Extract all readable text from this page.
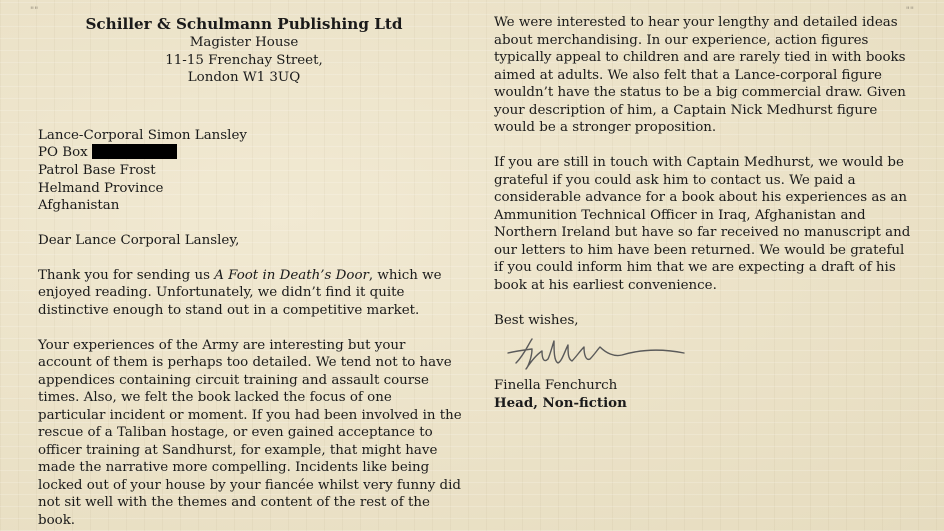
""	""
Schiller & Schulmann Publishing Ltd
Magister House
11-15 Frenchay Street,
London W1 3UQ
Lance-Corporal Simon Lansley
PO Box
Patrol Base Frost
Helmand Province
Afghanistan

Dear Lance Corporal Lansley,

Thank you for sending us A Foot in Death’s Door, which we enjoyed reading. Unfortunately, we didn’t find it quite distinctive enough to stand out in a competitive market.

Your experiences of the Army are interesting but your account of them is perhaps too detailed. We tend not to have appendices containing circuit training and assault course times. Also, we felt the book lacked the focus of one particular incident or moment. If you had been involved in the rescue of a Taliban hostage, or even gained acceptance to officer training at Sandhurst, for example, that might have made the narrative more compelling. Incidents like being locked out of your house by your fiancée whilst very funny did not sit well with the themes and content of the rest of the book.

We were interested to hear your lengthy and detailed ideas about merchandising. In our experience, action figures typically appeal to children and are rarely tied in with books aimed at adults. We also felt that a Lance-corporal figure wouldn’t have the status to be a big commercial draw. Given your description of him, a Captain Nick Medhurst figure would be a stronger proposition.

If you are still in touch with Captain Medhurst, we would be grateful if you could ask him to contact us. We paid a considerable advance for a book about his experiences as an Ammunition Technical Officer in Iraq, Afghanistan and Northern Ireland but have so far received no manuscript and our letters to him have been returned. We would be grateful if you could inform him that we are expecting a draft of his book at his earliest convenience.

Best wishes,

Finella Fenchurch

Head, Non-fiction
